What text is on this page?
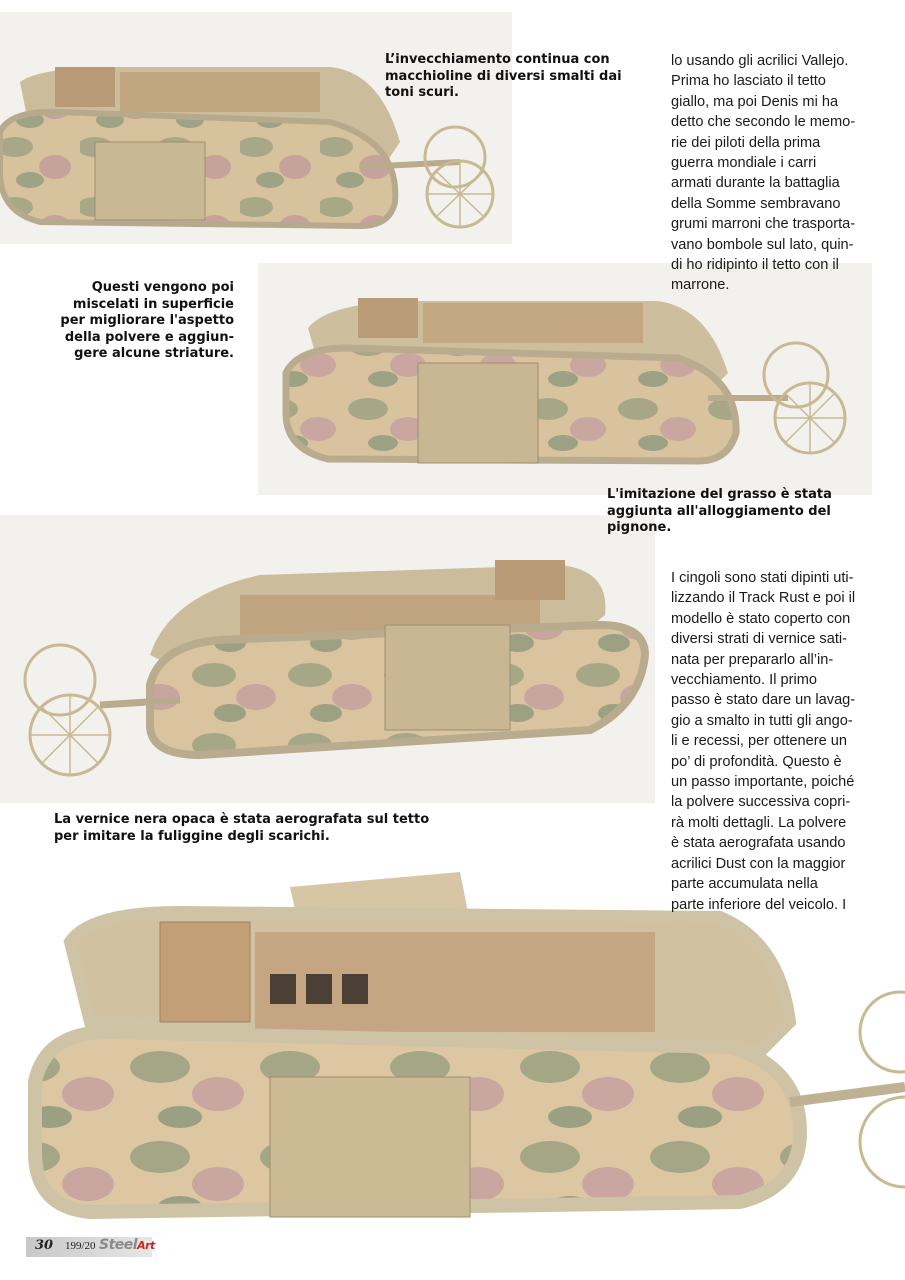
L’invecchiamento continua con
macchioline di diversi smalti dai
toni scuri.
Questi vengono poi
miscelati in superficie
per migliorare l'aspetto
della polvere e aggiun-
gere alcune striature.
L'imitazione del grasso è stata
aggiunta all'alloggiamento del
pignone.
La vernice nera opaca è stata aerografata sul tetto
per imitare la fuliggine degli scarichi.
lo usando gli acrilici Vallejo.
Prima ho lasciato il tetto
giallo, ma poi Denis mi ha
detto che secondo le memo-
rie dei piloti della prima
guerra mondiale i carri
armati durante la battaglia
della Somme sembravano
grumi marroni che trasporta-
vano bombole sul lato, quin-
di ho ridipinto il tetto con il
marrone.
I cingoli sono stati dipinti uti-
lizzando il Track Rust e poi il
modello è stato coperto con
diversi strati di vernice sati-
nata per prepararlo all’in-
vecchiamento. Il primo
passo è stato dare un lavag-
gio a smalto in tutti gli ango-
li e recessi, per ottenere un
po’ di profondità. Questo è
un passo importante, poiché
la polvere successiva copri-
rà molti dettagli. La polvere
è stata aerografata usando
acrilici Dust con la maggior
parte accumulata nella
parte inferiore del veicolo. I
30 199/20 SteelArt
